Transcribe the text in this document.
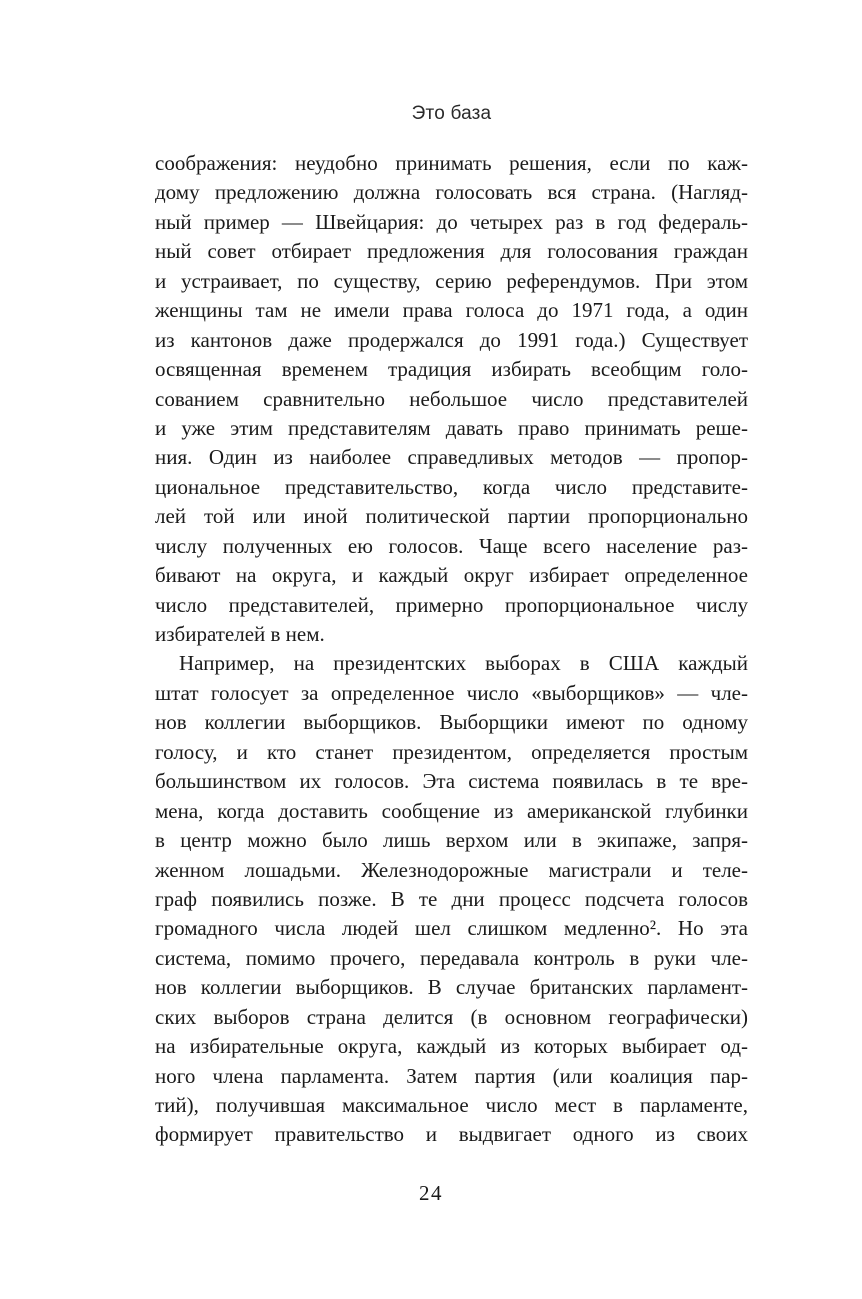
Это база
соображения: неудобно принимать решения, если по каж-
дому предложению должна голосовать вся страна. (Нагляд-
ный пример — Швейцария: до четырех раз в год федераль-
ный совет отбирает предложения для голосования граждан
и устраивает, по существу, серию референдумов. При этом
женщины там не имели права голоса до 1971 года, а один
из кантонов даже продержался до 1991 года.) Существует
освященная временем традиция избирать всеобщим голо-
сованием сравнительно небольшое число представителей
и уже этим представителям давать право принимать реше-
ния. Один из наиболее справедливых методов — пропор-
циональное представительство, когда число представите-
лей той или иной политической партии пропорционально
числу полученных ею голосов. Чаще всего население раз-
бивают на округа, и каждый округ избирает определенное
число представителей, примерно пропорциональное числу
избирателей в нем.
Например, на президентских выборах в США каждый
штат голосует за определенное число «выборщиков» — чле-
нов коллегии выборщиков. Выборщики имеют по одному
голосу, и кто станет президентом, определяется простым
большинством их голосов. Эта система появилась в те вре-
мена, когда доставить сообщение из американской глубинки
в центр можно было лишь верхом или в экипаже, запря-
женном лошадьми. Железнодорожные магистрали и теле-
граф появились позже. В те дни процесс подсчета голосов
громадного числа людей шел слишком медленно². Но эта
система, помимо прочего, передавала контроль в руки чле-
нов коллегии выборщиков. В случае британских парламент-
ских выборов страна делится (в основном географически)
на избирательные округа, каждый из которых выбирает од-
ного члена парламента. Затем партия (или коалиция пар-
тий), получившая максимальное число мест в парламенте,
формирует правительство и выдвигает одного из своих
24
